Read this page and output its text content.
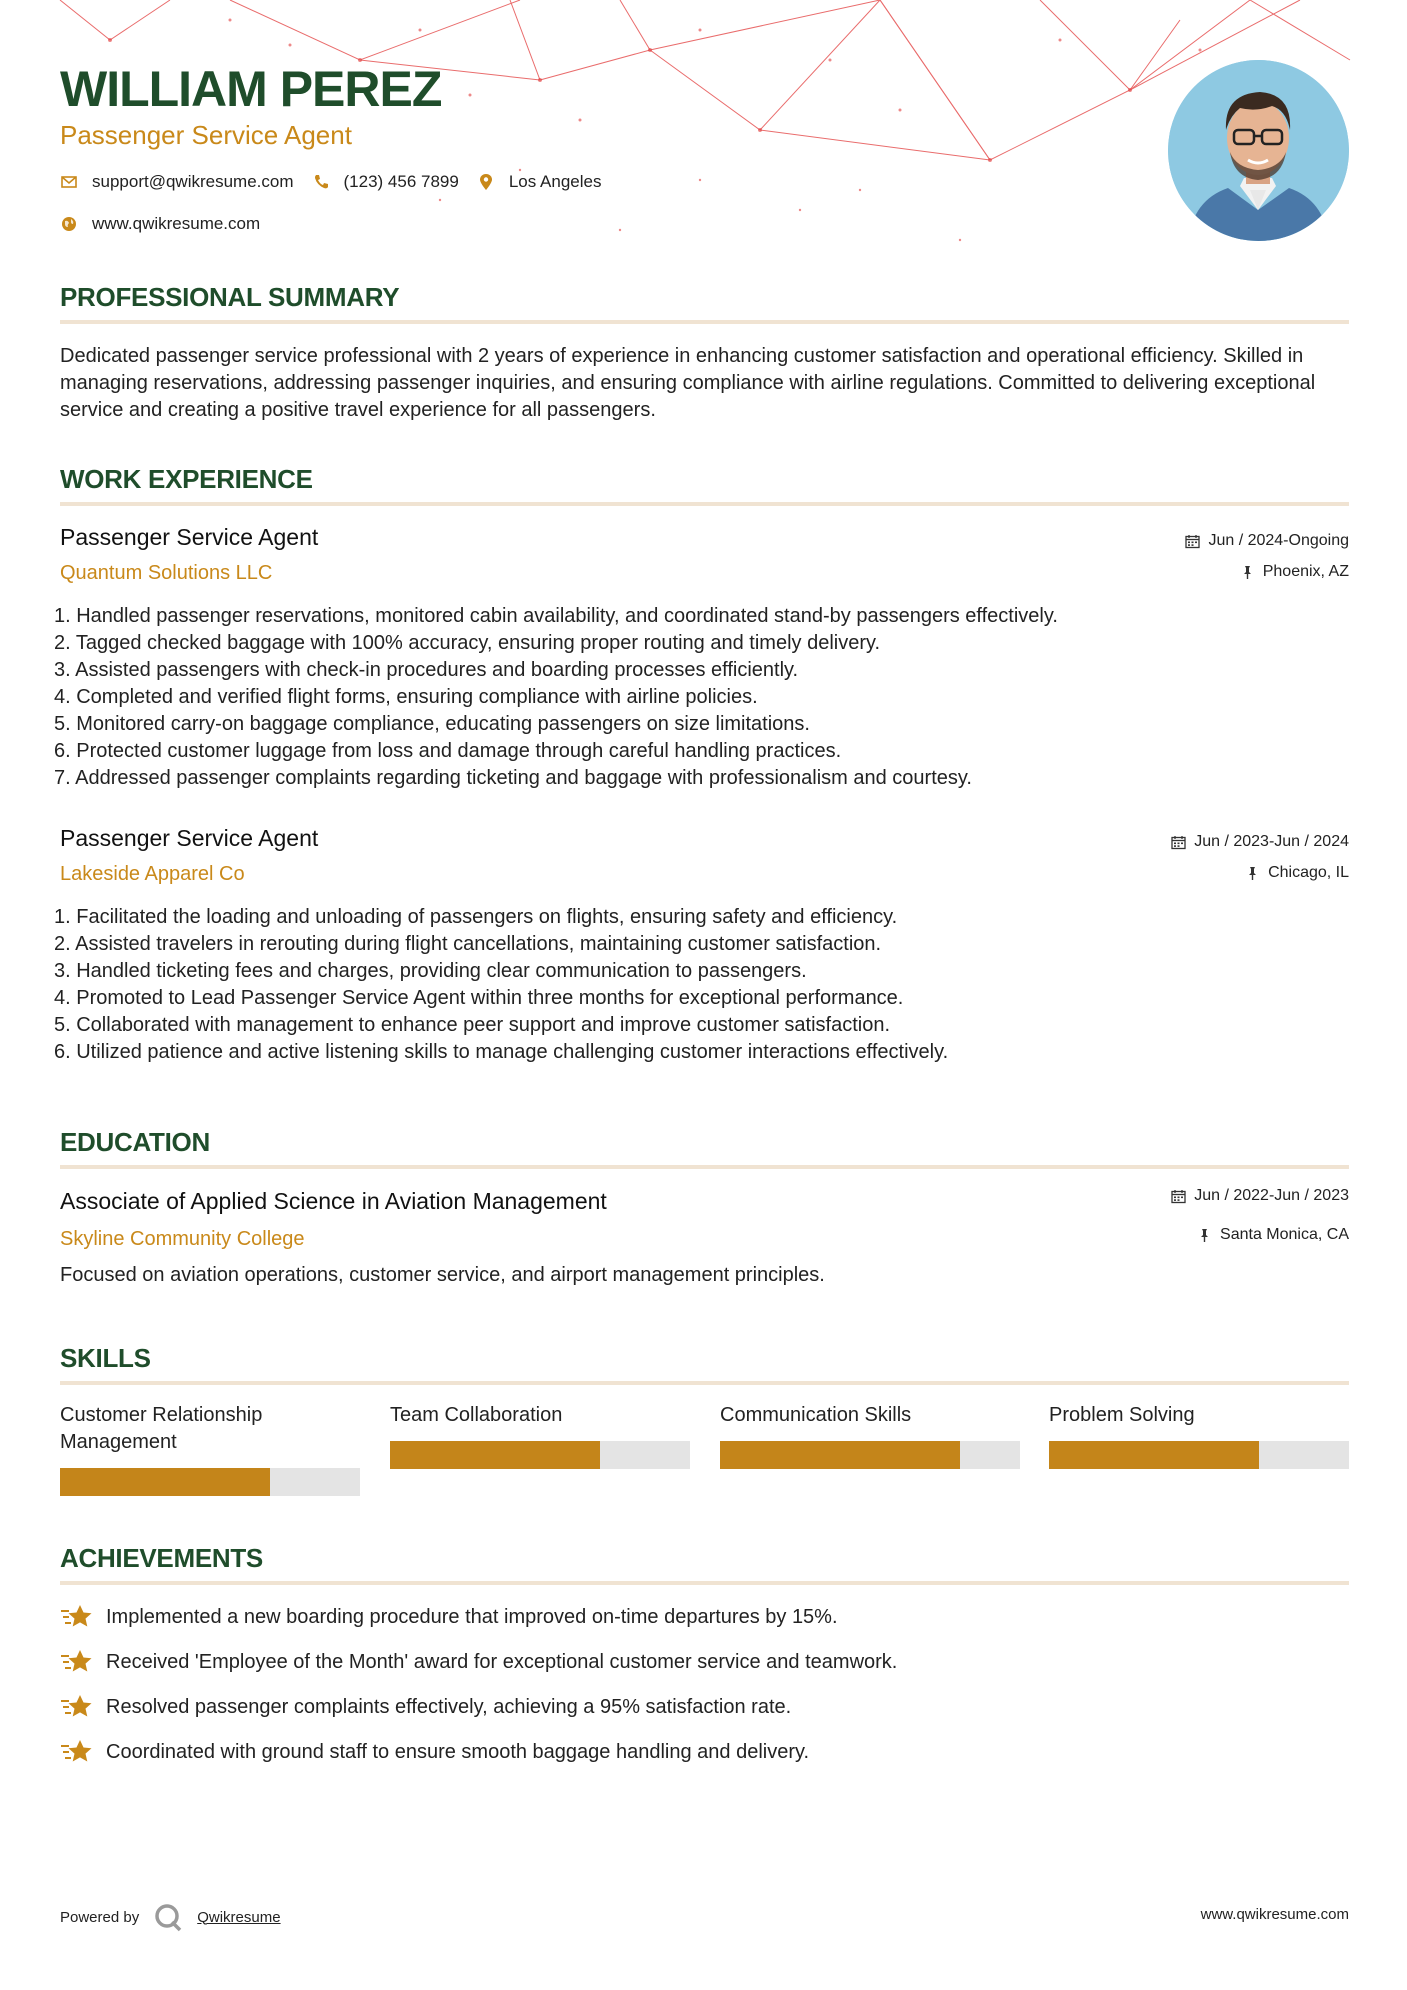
WILLIAM PEREZ
Passenger Service Agent
support@qwikresume.com	(123) 456 7899	Los Angeles
www.qwikresume.com
PROFESSIONAL SUMMARY
Dedicated passenger service professional with 2 years of experience in enhancing customer satisfaction and operational efficiency. Skilled in managing reservations, addressing passenger inquiries, and ensuring compliance with airline regulations. Committed to delivering exceptional service and creating a positive travel experience for all passengers.
WORK EXPERIENCE
Passenger Service Agent
Quantum Solutions LLC
Jun / 2024-Ongoing
Phoenix, AZ
1. Handled passenger reservations, monitored cabin availability, and coordinated stand-by passengers effectively.
2. Tagged checked baggage with 100% accuracy, ensuring proper routing and timely delivery.
3. Assisted passengers with check-in procedures and boarding processes efficiently.
4. Completed and verified flight forms, ensuring compliance with airline policies.
5. Monitored carry-on baggage compliance, educating passengers on size limitations.
6. Protected customer luggage from loss and damage through careful handling practices.
7. Addressed passenger complaints regarding ticketing and baggage with professionalism and courtesy.
Passenger Service Agent
Lakeside Apparel Co
Jun / 2023-Jun / 2024
Chicago, IL
1. Facilitated the loading and unloading of passengers on flights, ensuring safety and efficiency.
2. Assisted travelers in rerouting during flight cancellations, maintaining customer satisfaction.
3. Handled ticketing fees and charges, providing clear communication to passengers.
4. Promoted to Lead Passenger Service Agent within three months for exceptional performance.
5. Collaborated with management to enhance peer support and improve customer satisfaction.
6. Utilized patience and active listening skills to manage challenging customer interactions effectively.
EDUCATION
Associate of Applied Science in Aviation Management
Skyline Community College
Jun / 2022-Jun / 2023
Santa Monica, CA
Focused on aviation operations, customer service, and airport management principles.
SKILLS
Customer Relationship Management
Team Collaboration	Communication Skills	Problem Solving
ACHIEVEMENTS
Implemented a new boarding procedure that improved on-time departures by 15%.
Received 'Employee of the Month' award for exceptional customer service and teamwork.
Resolved passenger complaints effectively, achieving a 95% satisfaction rate.
Coordinated with ground staff to ensure smooth baggage handling and delivery.
Powered by	Qwikresume	www.qwikresume.com
